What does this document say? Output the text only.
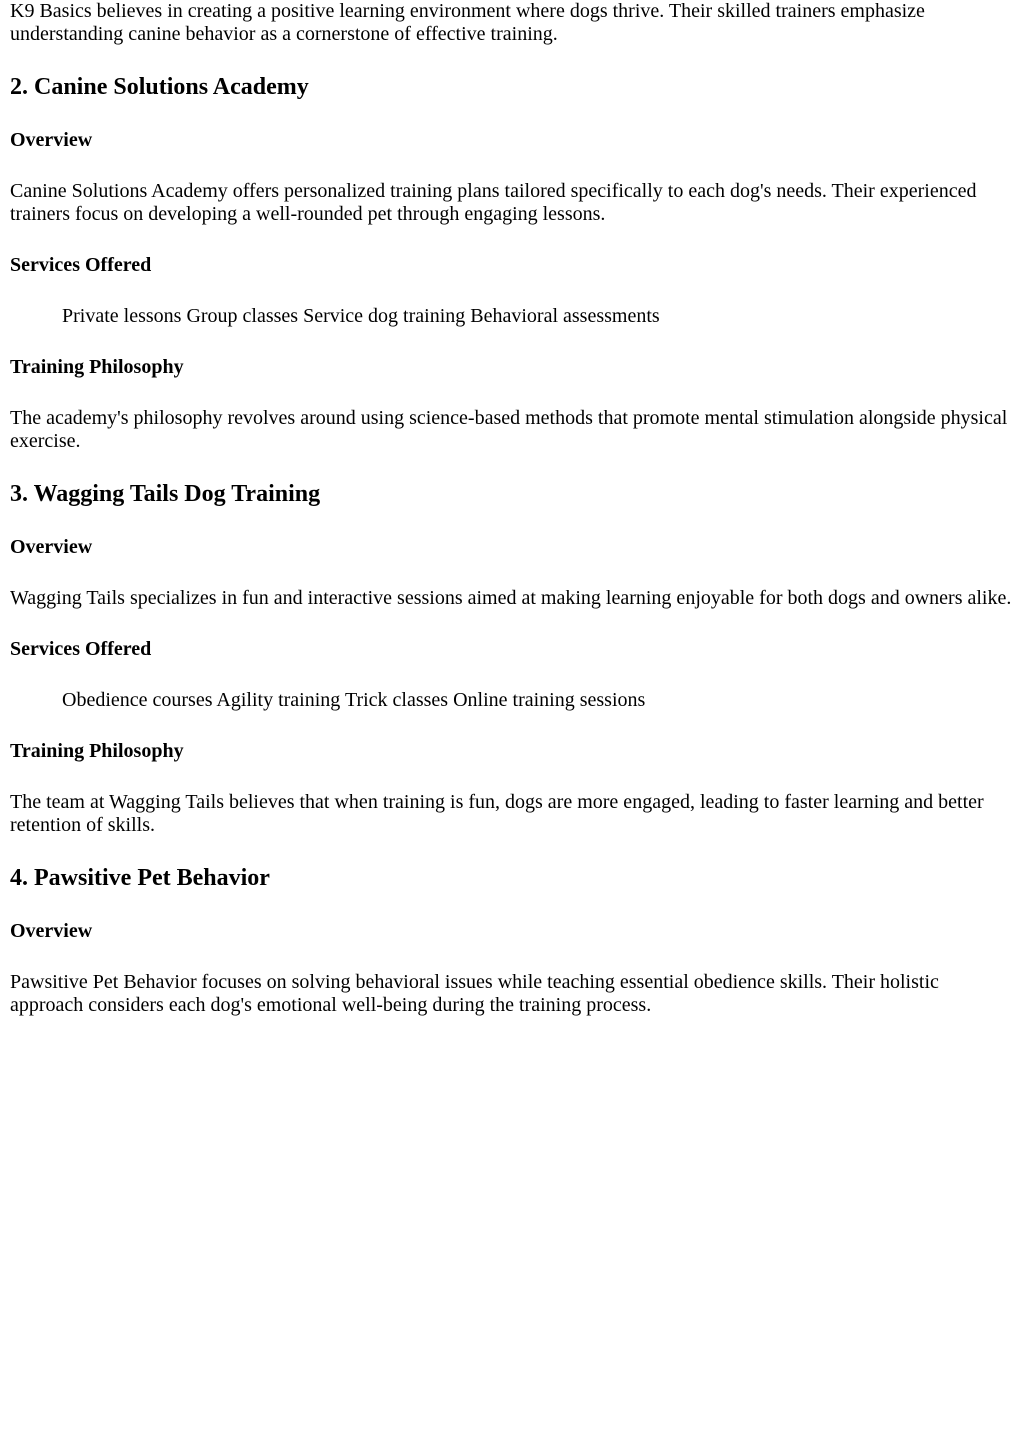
K9 Basics believes in creating a positive learning environment where dogs thrive. Their skilled trainers emphasize understanding canine behavior as a cornerstone of effective training.

2. Canine Solutions Academy
Overview

Canine Solutions Academy offers personalized training plans tailored specifically to each dog's needs. Their experienced trainers focus on developing a well-rounded pet through engaging lessons.

Services Offered
Private lessons Group classes Service dog training Behavioral assessments
Training Philosophy

The academy's philosophy revolves around using science-based methods that promote mental stimulation alongside physical exercise.

3. Wagging Tails Dog Training
Overview

Wagging Tails specializes in fun and interactive sessions aimed at making learning enjoyable for both dogs and owners alike.

Services Offered
Obedience courses Agility training Trick classes Online training sessions
Training Philosophy

The team at Wagging Tails believes that when training is fun, dogs are more engaged, leading to faster learning and better retention of skills.

4. Pawsitive Pet Behavior
Overview

Pawsitive Pet Behavior focuses on solving behavioral issues while teaching essential obedience skills. Their holistic approach considers each dog's emotional well-being during the training process.
